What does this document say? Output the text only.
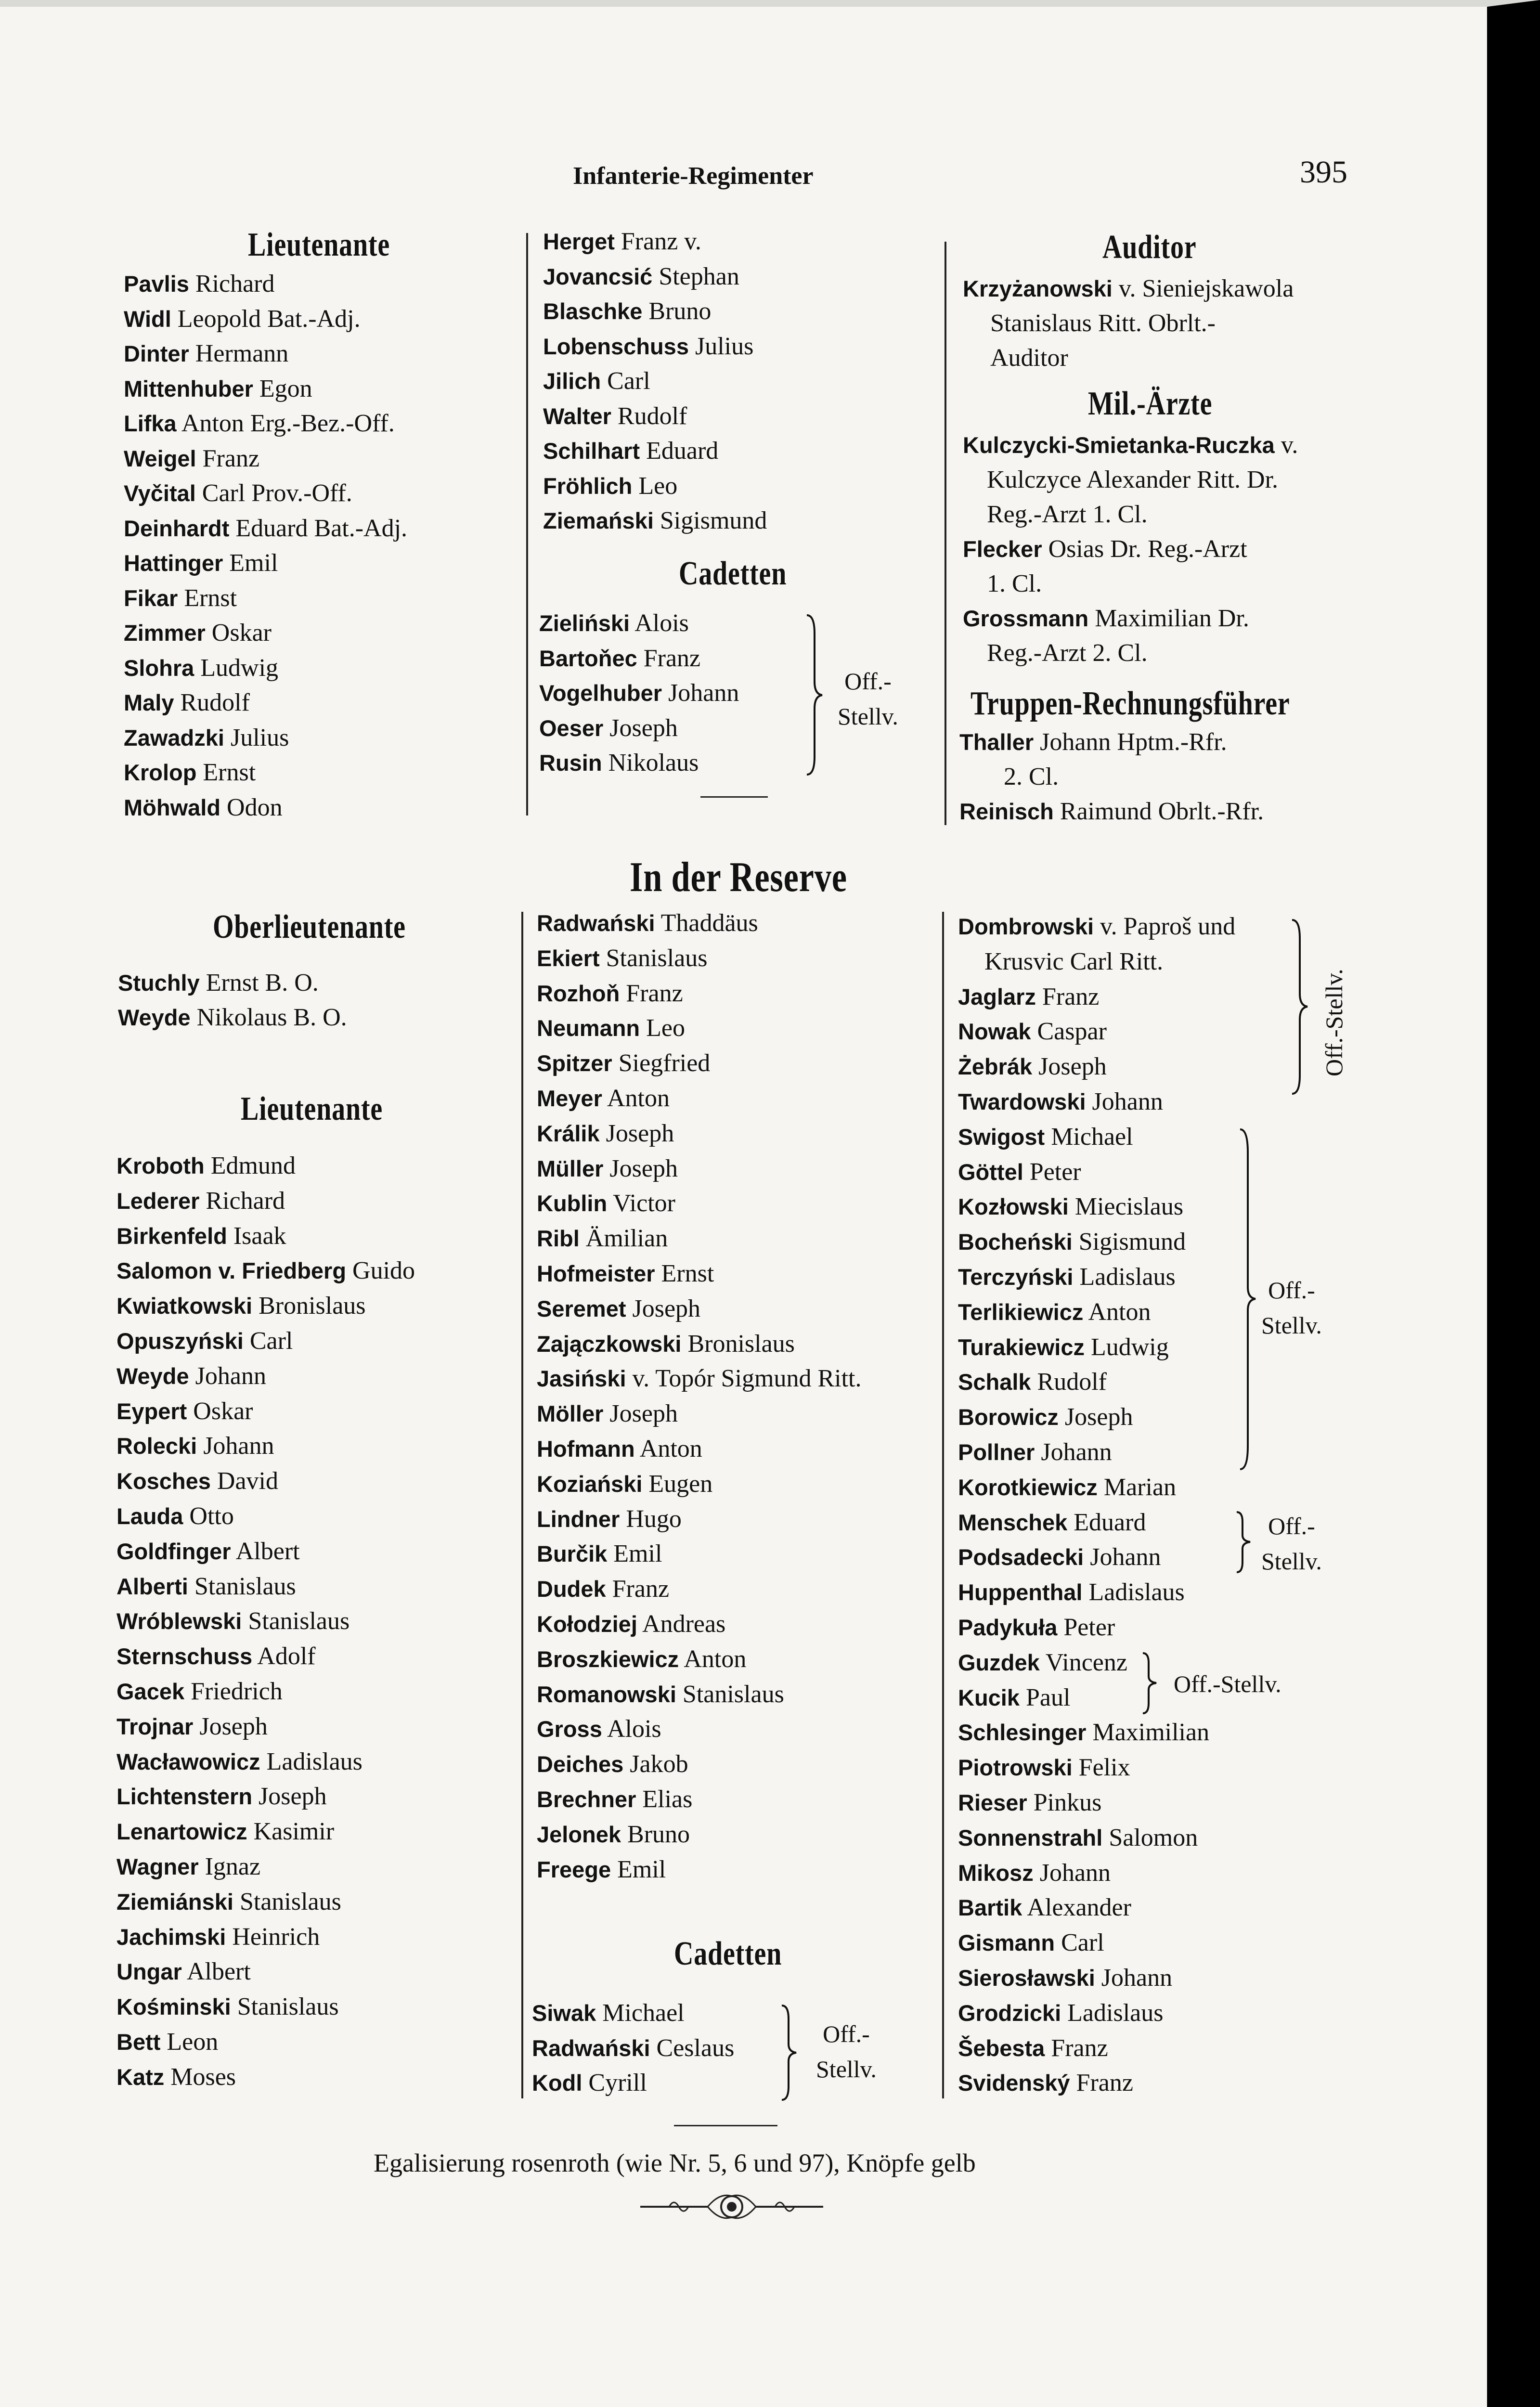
Infanterie-Regimenter	395
Lieutenante
Cadetten
Auditor
Mil.-Ärzte
Truppen-Rechnungsführer
In der Reserve
Oberlieutenante
Lieutenante
Cadetten
Pavlis Richard
Widl Leopold Bat.-Adj.
Dinter Hermann
Mittenhuber Egon
Lifka Anton Erg.-Bez.-Off.
Weigel Franz
Vyčital Carl Prov.-Off.
Deinhardt Eduard Bat.-Adj.
Hattinger Emil
Fikar Ernst
Zimmer Oskar
Slohra Ludwig
Maly Rudolf
Zawadzki Julius
Krolop Ernst
Möhwald Odon
Herget Franz v.
Jovancsić Stephan
Blaschke Bruno
Lobenschuss Julius
Jilich Carl
Walter Rudolf
Schilhart Eduard
Fröhlich Leo
Ziemański Sigismund
Zieliński Alois
Bartoňec Franz
Vogelhuber Johann
Oeser Joseph
Rusin Nikolaus
Krzyżanowski v. Sieniejskawola
Stanislaus Ritt. Obrlt.-
Auditor
Kulczycki-Smietanka-Ruczka v.
Kulczyce Alexander Ritt. Dr.
Reg.-Arzt 1. Cl.
Flecker Osias Dr. Reg.-Arzt
1. Cl.
Grossmann Maximilian Dr.
Reg.-Arzt 2. Cl.
Thaller Johann Hptm.-Rfr.
2. Cl.
Reinisch Raimund Obrlt.-Rfr.
Stuchly Ernst B. O.
Weyde Nikolaus B. O.
Kroboth Edmund
Lederer Richard
Birkenfeld Isaak
Salomon v. Friedberg Guido
Kwiatkowski Bronislaus
Opuszyński Carl
Weyde Johann
Eypert Oskar
Rolecki Johann
Kosches David
Lauda Otto
Goldfinger Albert
Alberti Stanislaus
Wróblewski Stanislaus
Sternschuss Adolf
Gacek Friedrich
Trojnar Joseph
Wacławowicz Ladislaus
Lichtenstern Joseph
Lenartowicz Kasimir
Wagner Ignaz
Ziemiánski Stanislaus
Jachimski Heinrich
Ungar Albert
Kośminski Stanislaus
Bett Leon
Katz Moses
Radwański Thaddäus
Ekiert Stanislaus
Rozhoň Franz
Neumann Leo
Spitzer Siegfried
Meyer Anton
Králik Joseph
Müller Joseph
Kublin Victor
Ribl Ämilian
Hofmeister Ernst
Seremet Joseph
Zajączkowski Bronislaus
Jasiński v. Topór Sigmund Ritt.
Möller Joseph
Hofmann Anton
Koziański Eugen
Lindner Hugo
Burčik Emil
Dudek Franz
Kołodziej Andreas
Broszkiewicz Anton
Romanowski Stanislaus
Gross Alois
Deiches Jakob
Brechner Elias
Jelonek Bruno
Freege Emil
Siwak Michael
Radwański Ceslaus
Kodl Cyrill
Dombrowski v. Paproš und
Krusvic Carl Ritt.
Jaglarz Franz
Nowak Caspar
Żebrák Joseph
Twardowski Johann
Swigost Michael
Göttel Peter
Kozłowski Miecislaus
Bocheński Sigismund
Terczyński Ladislaus
Terlikiewicz Anton
Turakiewicz Ludwig
Schalk Rudolf
Borowicz Joseph
Pollner Johann
Korotkiewicz Marian
Menschek Eduard
Podsadecki Johann
Huppenthal Ladislaus
Padykuła Peter
Guzdek Vincenz
Kucik Paul
Schlesinger Maximilian
Piotrowski Felix
Rieser Pinkus
Sonnenstrahl Salomon
Mikosz Johann
Bartik Alexander
Gismann Carl
Sierosławski Johann
Grodzicki Ladislaus
Šebesta Franz
Svidenský Franz
Off.-
Stellv.
Off.-
Stellv.
Off.-Stellv.
Off.-
Stellv.
Off.-
Stellv.
Off.-Stellv.
Egalisierung rosenroth (wie Nr. 5, 6 und 97), Knöpfe gelb
